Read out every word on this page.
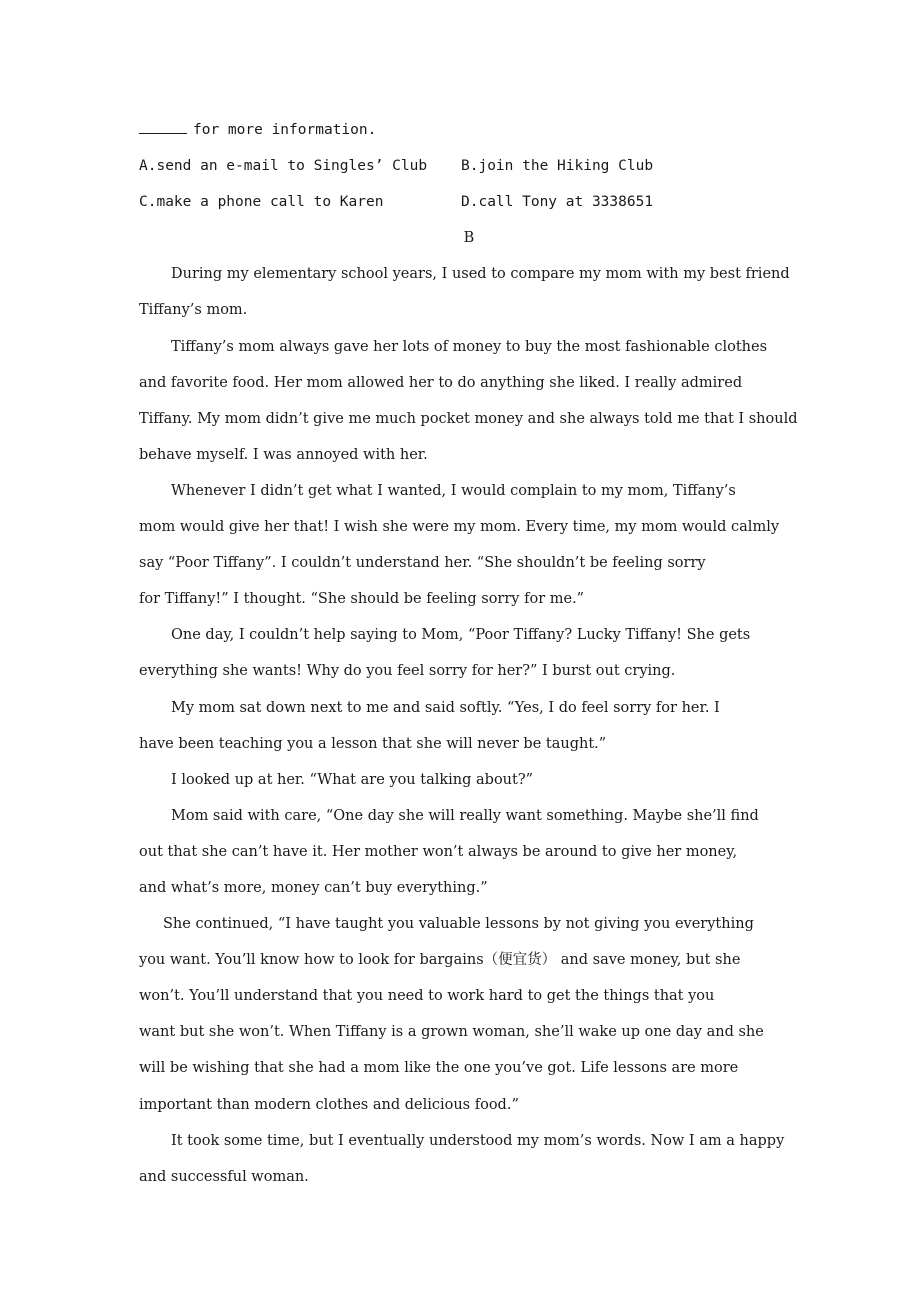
for more information.
A.send an e-mail to Singles’ Club	B.join the Hiking Club
C.make a phone call to Karen	D.call Tony at 3338651
B
During my elementary school years, I used to compare my mom with my best friend
Tiffany’s mom.
Tiffany’s mom always gave her lots of money to buy the most fashionable clothes
and favorite food. Her mom allowed her to do anything she liked. I really admired
Tiffany. My mom didn’t give me much pocket money and she always told me that I should
behave myself. I was annoyed with her.
Whenever I didn’t get what I wanted, I would complain to my mom, Tiffany’s
mom would give her that! I wish she were my mom. Every time, my mom would calmly
say “Poor Tiffany”. I couldn’t understand her. “She shouldn’t be feeling sorry
for Tiffany!” I thought. “She should be feeling sorry for me.”
One day, I couldn’t help saying to Mom, “Poor Tiffany? Lucky Tiffany! She gets
everything she wants! Why do you feel sorry for her?” I burst out crying.
My mom sat down next to me and said softly. “Yes, I do feel sorry for her. I
have been teaching you a lesson that she will never be taught.”
I looked up at her. “What are you talking about?”
Mom said with care, “One day she will really want something. Maybe she’ll find
out that she can’t have it. Her mother won’t always be around to give her money,
and what’s more, money can’t buy everything.”
She continued, “I have taught you valuable lessons by not giving you everything
you want. You’ll know how to look for bargains（便宜货） and save money, but she
won’t. You’ll understand that you need to work hard to get the things that you
want but she won’t. When Tiffany is a grown woman, she’ll wake up one day and she
will be wishing that she had a mom like the one you’ve got. Life lessons are more
important than modern clothes and delicious food.”
It took some time, but I eventually understood my mom’s words. Now I am a happy
and successful woman.
